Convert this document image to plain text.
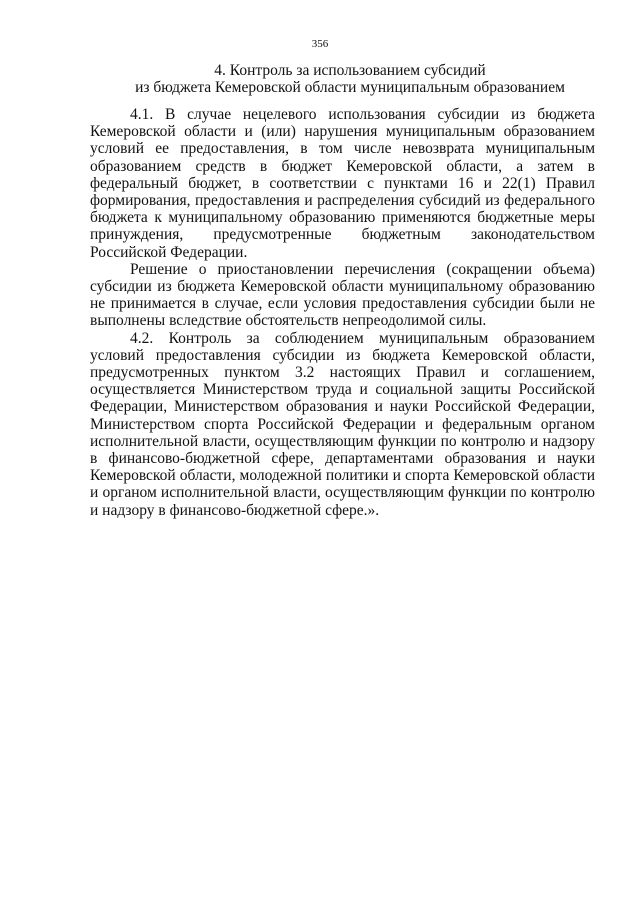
356
4. Контроль за использованием субсидий
из бюджета Кемеровской области муниципальным образованием

4.1. В случае нецелевого использования субсидии из бюджета Кемеровской области и (или) нарушения муниципальным образованием условий ее предоставления, в том числе невозврата муниципальным образованием средств в бюджет Кемеровской области, а затем в федеральный бюджет, в соответствии с пунктами 16 и 22(1) Правил формирования, предоставления и распределения субсидий из федерального бюджета к муниципальному образованию применяются бюджетные меры принуждения, предусмотренные бюджетным законодательством Российской Федерации.

Решение о приостановлении перечисления (сокращении объема) субсидии из бюджета Кемеровской области муниципальному образованию не принимается в случае, если условия предоставления субсидии были не выполнены вследствие обстоятельств непреодолимой силы.

4.2. Контроль за соблюдением муниципальным образованием условий предоставления субсидии из бюджета Кемеровской области, предусмотренных пунктом 3.2 настоящих Правил и соглашением, осуществляется Министерством труда и социальной защиты Российской Федерации, Министерством образования и науки Российской Федерации, Министерством спорта Российской Федерации и федеральным органом исполнительной власти, осуществляющим функции по контролю и надзору в финансово-бюджетной сфере, департаментами образования и науки Кемеровской области, молодежной политики и спорта Кемеровской области и органом исполнительной власти, осуществляющим функции по контролю и надзору в финансово-бюджетной сфере.».
